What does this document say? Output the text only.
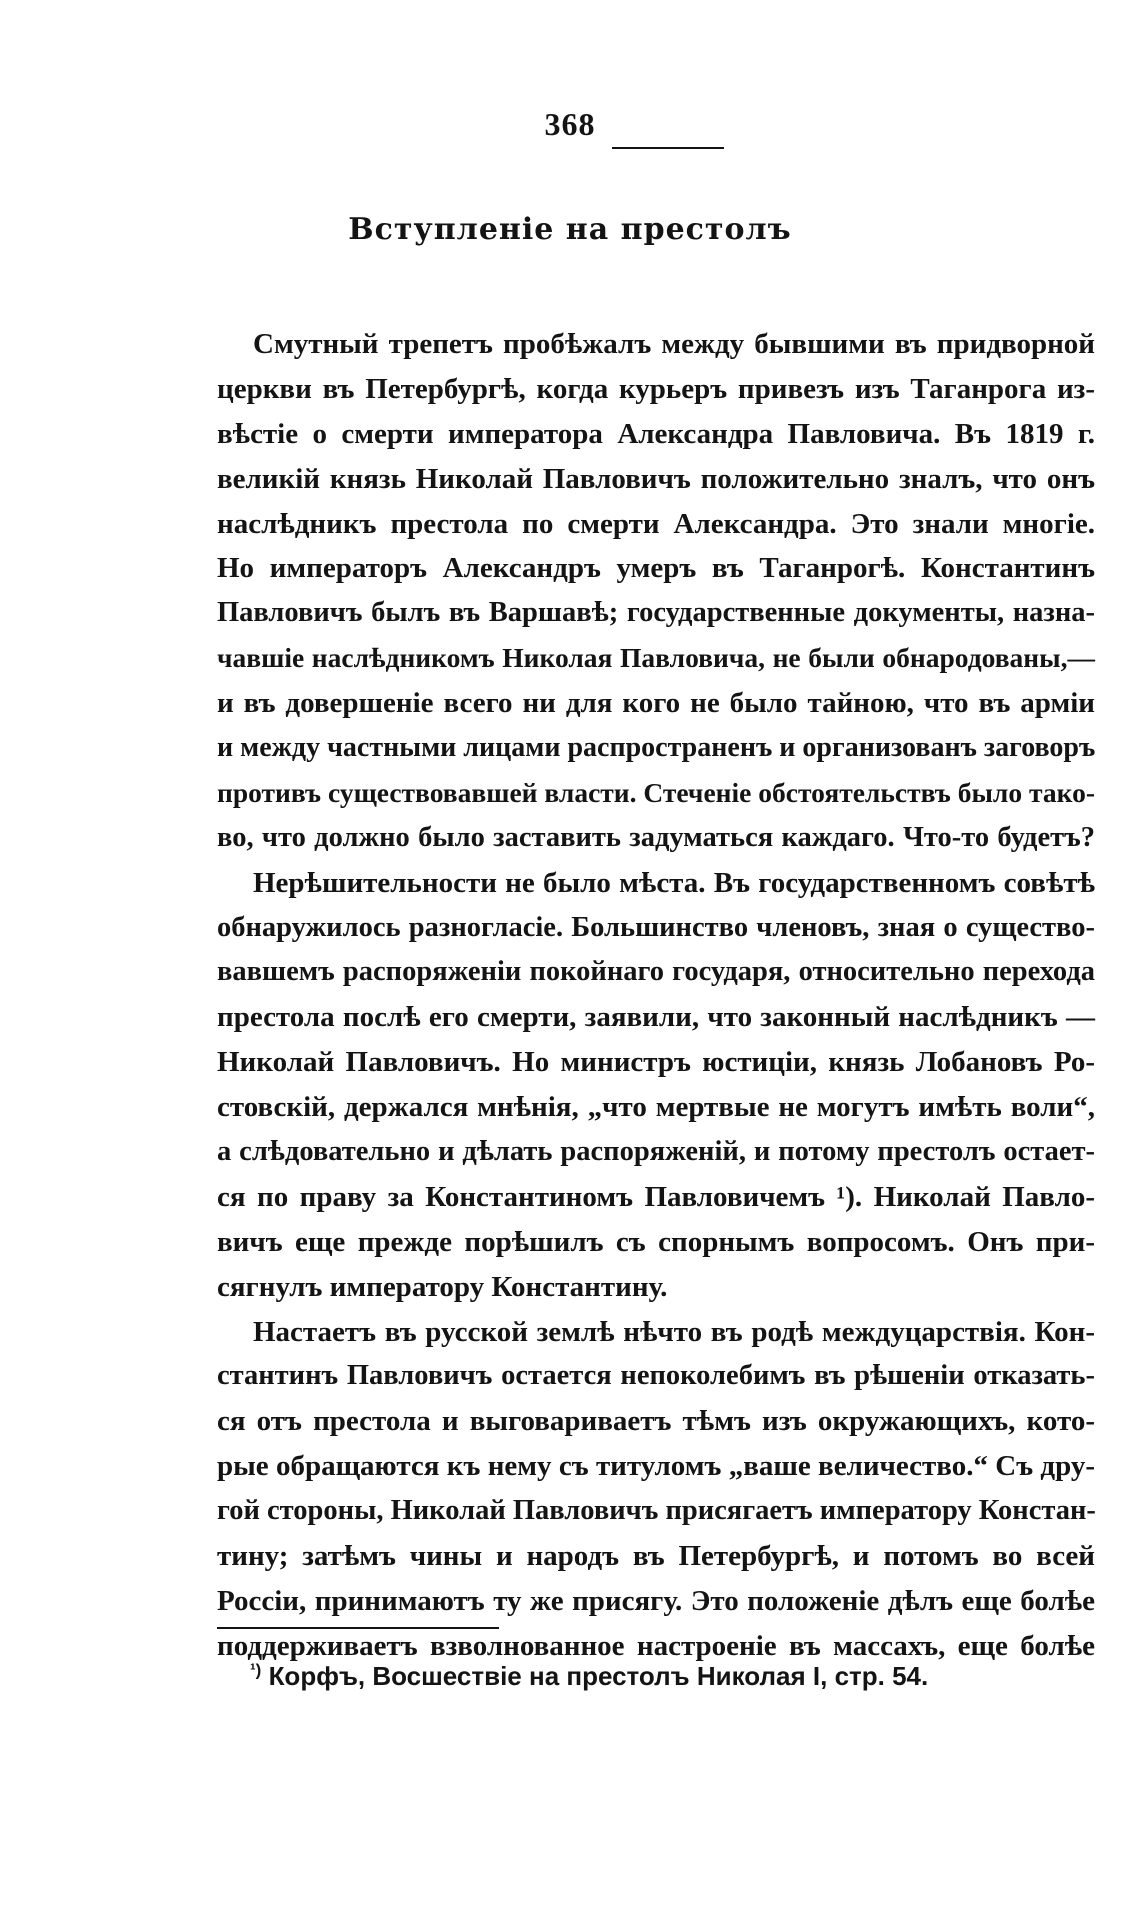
368
Вступленіе на престолъ
Смутный трепетъ пробѣжалъ между бывшими въ придворной
церкви въ Петербургѣ, когда курьеръ привезъ изъ Таганрога из-
вѣстіе о смерти императора Александра Павловича. Въ 1819 г.
великій князь Николай Павловичъ положительно зналъ, что онъ
наслѣдникъ престола по смерти Александра. Это знали многіе.
Но императоръ Александръ умеръ въ Таганрогѣ. Константинъ
Павловичъ былъ въ Варшавѣ; государственные документы, назна-
чавшіе наслѣдникомъ Николая Павловича, не были обнародованы,—
и въ довершеніе всего ни для кого не было тайною, что въ арміи
и между частными лицами распространенъ и организованъ заговоръ
противъ существовавшей власти. Стеченіе обстоятельствъ было тако-
во, что должно было заставить задуматься каждаго. Что-то будетъ?
Нерѣшительности не было мѣста. Въ государственномъ совѣтѣ
обнаружилось разногласіе. Большинство членовъ, зная о существо-
вавшемъ распоряженіи покойнаго государя, относительно перехода
престола послѣ его смерти, заявили, что законный наслѣдникъ —
Николай Павловичъ. Но министръ юстиціи, князь Лобановъ Ро-
стовскій, держался мнѣнія, „что мертвые не могутъ имѣть воли“,
а слѣдовательно и дѣлать распоряженій, и потому престолъ остает-
ся по праву за Константиномъ Павловичемъ ¹). Николай Павло-
вичъ еще прежде порѣшилъ съ спорнымъ вопросомъ. Онъ при-
сягнулъ императору Константину.
Настаетъ въ русской землѣ нѣчто въ родѣ междуцарствія. Кон-
стантинъ Павловичъ остается непоколебимъ въ рѣшеніи отказать-
ся отъ престола и выговариваетъ тѣмъ изъ окружающихъ, кото-
рые обращаются къ нему съ титуломъ „ваше величество.“ Съ дру-
гой стороны, Николай Павловичъ присягаетъ императору Констан-
тину; затѣмъ чины и народъ въ Петербургѣ, и потомъ во всей
Россіи, принимаютъ ту же присягу. Это положеніе дѣлъ еще болѣе
поддерживаетъ взволнованное настроеніе въ массахъ, еще болѣе
$^{^1)}$ Корфъ, Восшествіе на престолъ Николая I, стр. 54.
